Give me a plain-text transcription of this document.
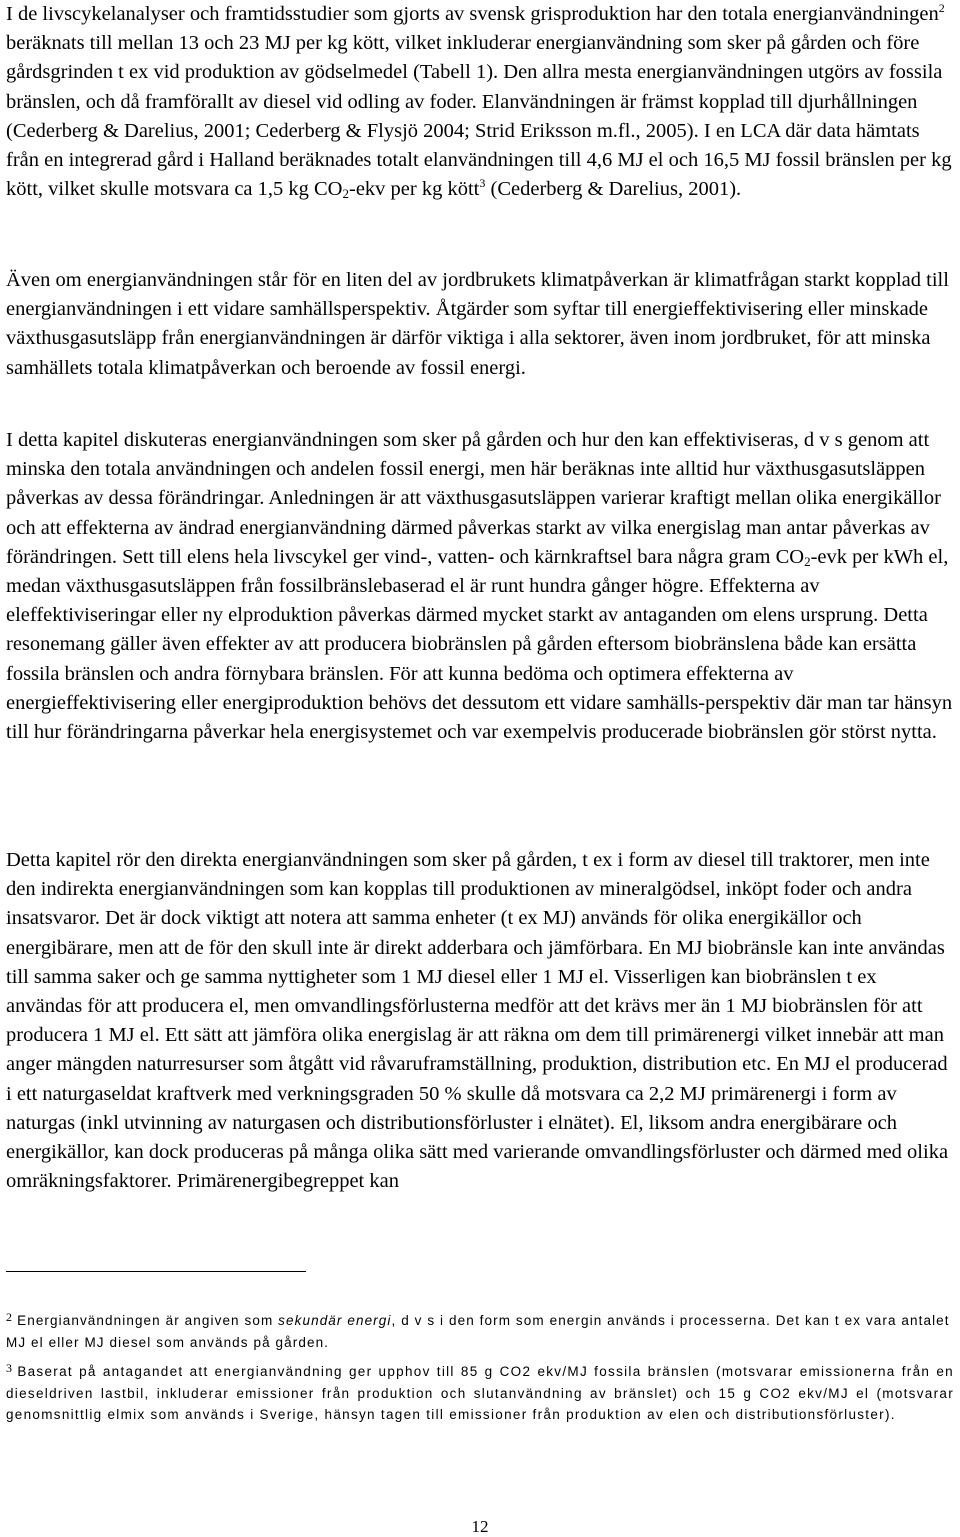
I de livscykelanalyser och framtidsstudier som gjorts av svensk grisproduktion har den totala energianvändningen$^2$ beräknats till mellan 13 och 23 MJ per kg kött, vilket inkluderar energianvändning som sker på gården och före gårdsgrinden t ex vid produktion av gödselmedel (Tabell 1). Den allra mesta energianvändningen utgörs av fossila bränslen, och då framförallt av diesel vid odling av foder. Elanvändningen är främst kopplad till djurhållningen (Cederberg & Darelius, 2001; Cederberg & Flysjö 2004; Strid Eriksson m.fl., 2005). I en LCA där data hämtats från en integrerad gård i Halland beräknades totalt elanvändningen till 4,6 MJ el och 16,5 MJ fossil bränslen per kg kött, vilket skulle motsvara ca 1,5 kg $CO_2$-ekv per kg kött$^3$ (Cederberg & Darelius, 2001).

Även om energianvändningen står för en liten del av jordbrukets klimatpåverkan är klimatfrågan starkt kopplad till energianvändningen i ett vidare samhällsperspektiv. Åtgärder som syftar till energieffektivisering eller minskade växthusgasutsläpp från energianvändningen är därför viktiga i alla sektorer, även inom jordbruket, för att minska samhällets totala klimatpåverkan och beroende av fossil energi.

I detta kapitel diskuteras energianvändningen som sker på gården och hur den kan effektiviseras, d v s genom att minska den totala användningen och andelen fossil energi, men här beräknas inte alltid hur växthusgasutsläppen påverkas av dessa förändringar. Anledningen är att växthusgasutsläppen varierar kraftigt mellan olika energikällor och att effekterna av ändrad energianvändning därmed påverkas starkt av vilka energislag man antar påverkas av förändringen. Sett till elens hela livscykel ger vind-, vatten- och kärnkraftsel bara några gram $CO_2$-evk per kWh el, medan växthusgasutsläppen från fossilbränslebaserad el är runt hundra gånger högre. Effekterna av eleffektiviseringar eller ny elproduktion påverkas därmed mycket starkt av antaganden om elens ursprung. Detta resonemang gäller även effekter av att producera biobränslen på gården eftersom biobränslena både kan ersätta fossila bränslen och andra förnybara bränslen. För att kunna bedöma och optimera effekterna av energieffektivisering eller energiproduktion behövs det dessutom ett vidare samhälls-perspektiv där man tar hänsyn till hur förändringarna påverkar hela energisystemet och var exempelvis producerade biobränslen gör störst nytta.

Detta kapitel rör den direkta energianvändningen som sker på gården, t ex i form av diesel till traktorer, men inte den indirekta energianvändningen som kan kopplas till produktionen av mineralgödsel, inköpt foder och andra insatsvaror. Det är dock viktigt att notera att samma enheter (t ex MJ) används för olika energikällor och energibärare, men att de för den skull inte är direkt adderbara och jämförbara. En MJ biobränsle kan inte användas till samma saker och ge samma nyttigheter som 1 MJ diesel eller 1 MJ el. Visserligen kan biobränslen t ex användas för att producera el, men omvandlingsförlusterna medför att det krävs mer än 1 MJ biobränslen för att producera 1 MJ el. Ett sätt att jämföra olika energislag är att räkna om dem till primärenergi vilket innebär att man anger mängden naturresurser som åtgått vid råvaruframställning, produktion, distribution etc. En MJ el producerad i ett naturgaseldat kraftverk med verkningsgraden 50 % skulle då motsvara ca 2,2 MJ primärenergi i form av naturgas (inkl utvinning av naturgasen och distributionsförluster i elnätet). El, liksom andra energibärare och energikällor, kan dock produceras på många olika sätt med varierande omvandlingsförluster och därmed med olika omräkningsfaktorer. Primärenergibegreppet kan

2 Energianvändningen är angiven som sekundär energi, d v s i den form som energin används i processerna. Det kan t ex vara antalet MJ el eller MJ diesel som används på gården.

3 Baserat på antagandet att energianvändning ger upphov till 85 g CO2 ekv/MJ fossila bränslen (motsvarar emissionerna från en dieseldriven lastbil, inkluderar emissioner från produktion och slutanvändning av bränslet) och 15 g CO2 ekv/MJ el (motsvarar genomsnittlig elmix som används i Sverige, hänsyn tagen till emissioner från produktion av elen och distributionsförluster).

12
